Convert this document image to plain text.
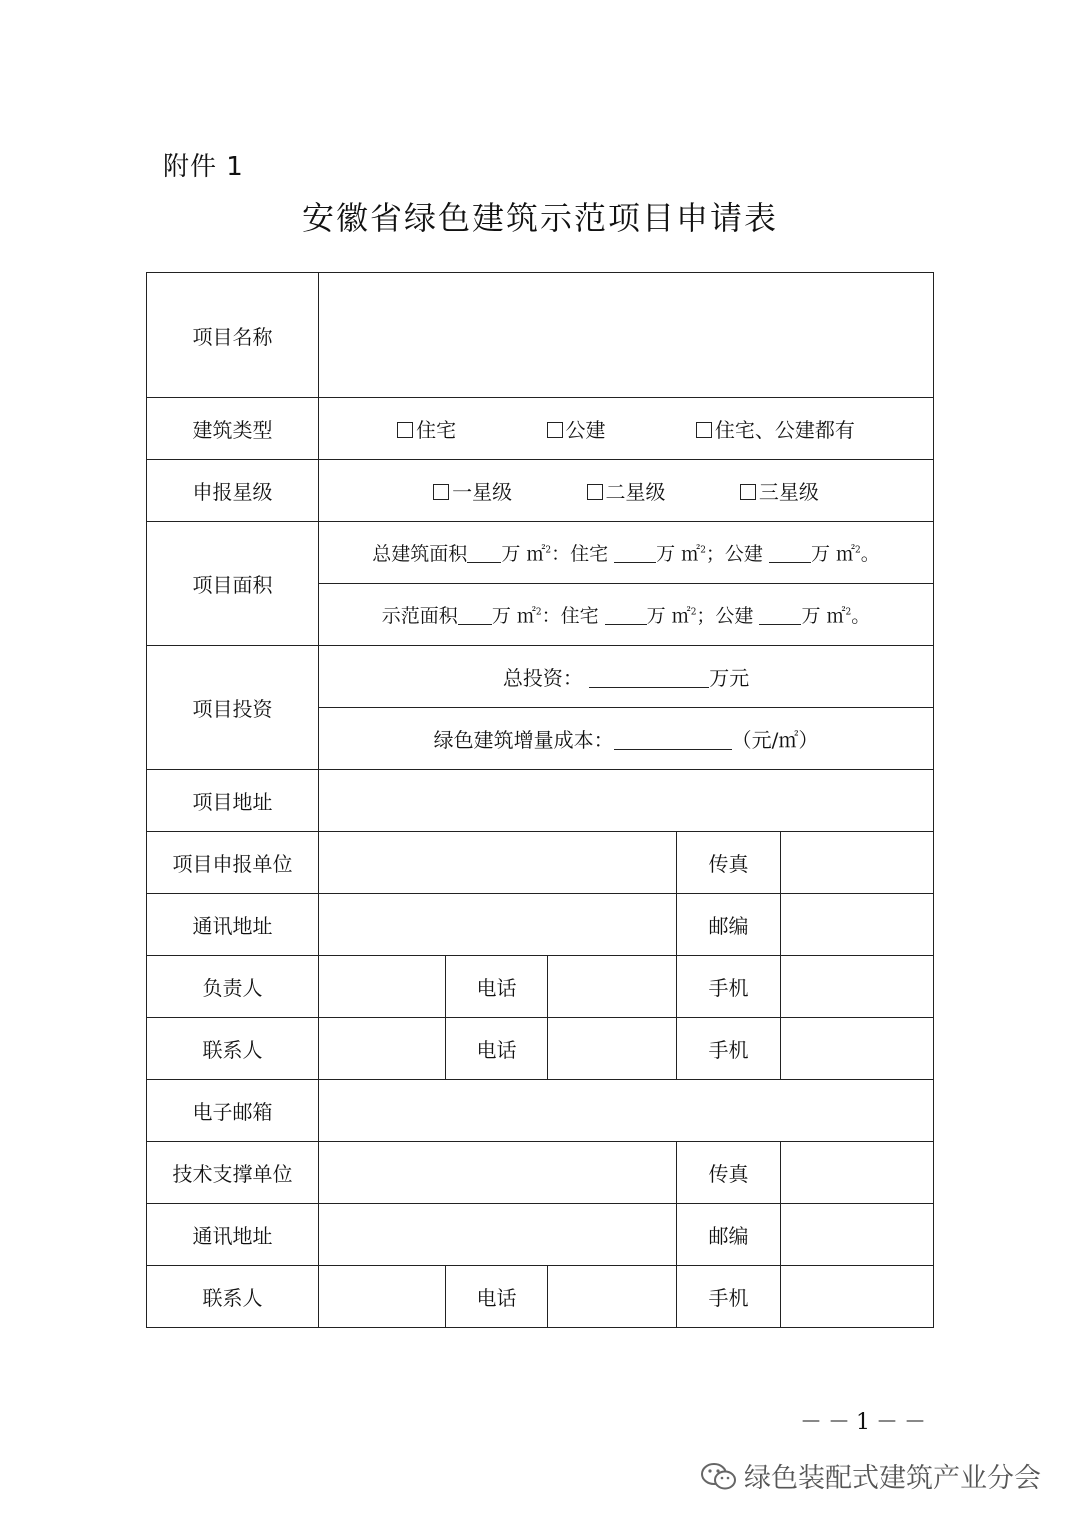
附件 1
安徽省绿色建筑示范项目申请表
项目名称					
建筑类型	住宅 公建 住宅、公建都有				
申报星级	一星级 二星级 三星级				
项目面积	总建筑面积 万 ㎡$^2$：住宅 万 ㎡$^2$；公建 万 ㎡$^2$。				
	示范面积 万 ㎡$^2$：住宅 万 ㎡$^2$；公建 万 ㎡$^2$。				
项目投资	总投资： 万元				
	绿色建筑增量成本： （元/㎡）				
项目地址					
项目申报单位				传真	
通讯地址				邮编	
负责人		电话		手机	
联系人		电话		手机	
电子邮箱					
技术支撑单位				传真	
通讯地址				邮编	
联系人		电话		手机	
－－1－－
绿色装配式建筑产业分会
